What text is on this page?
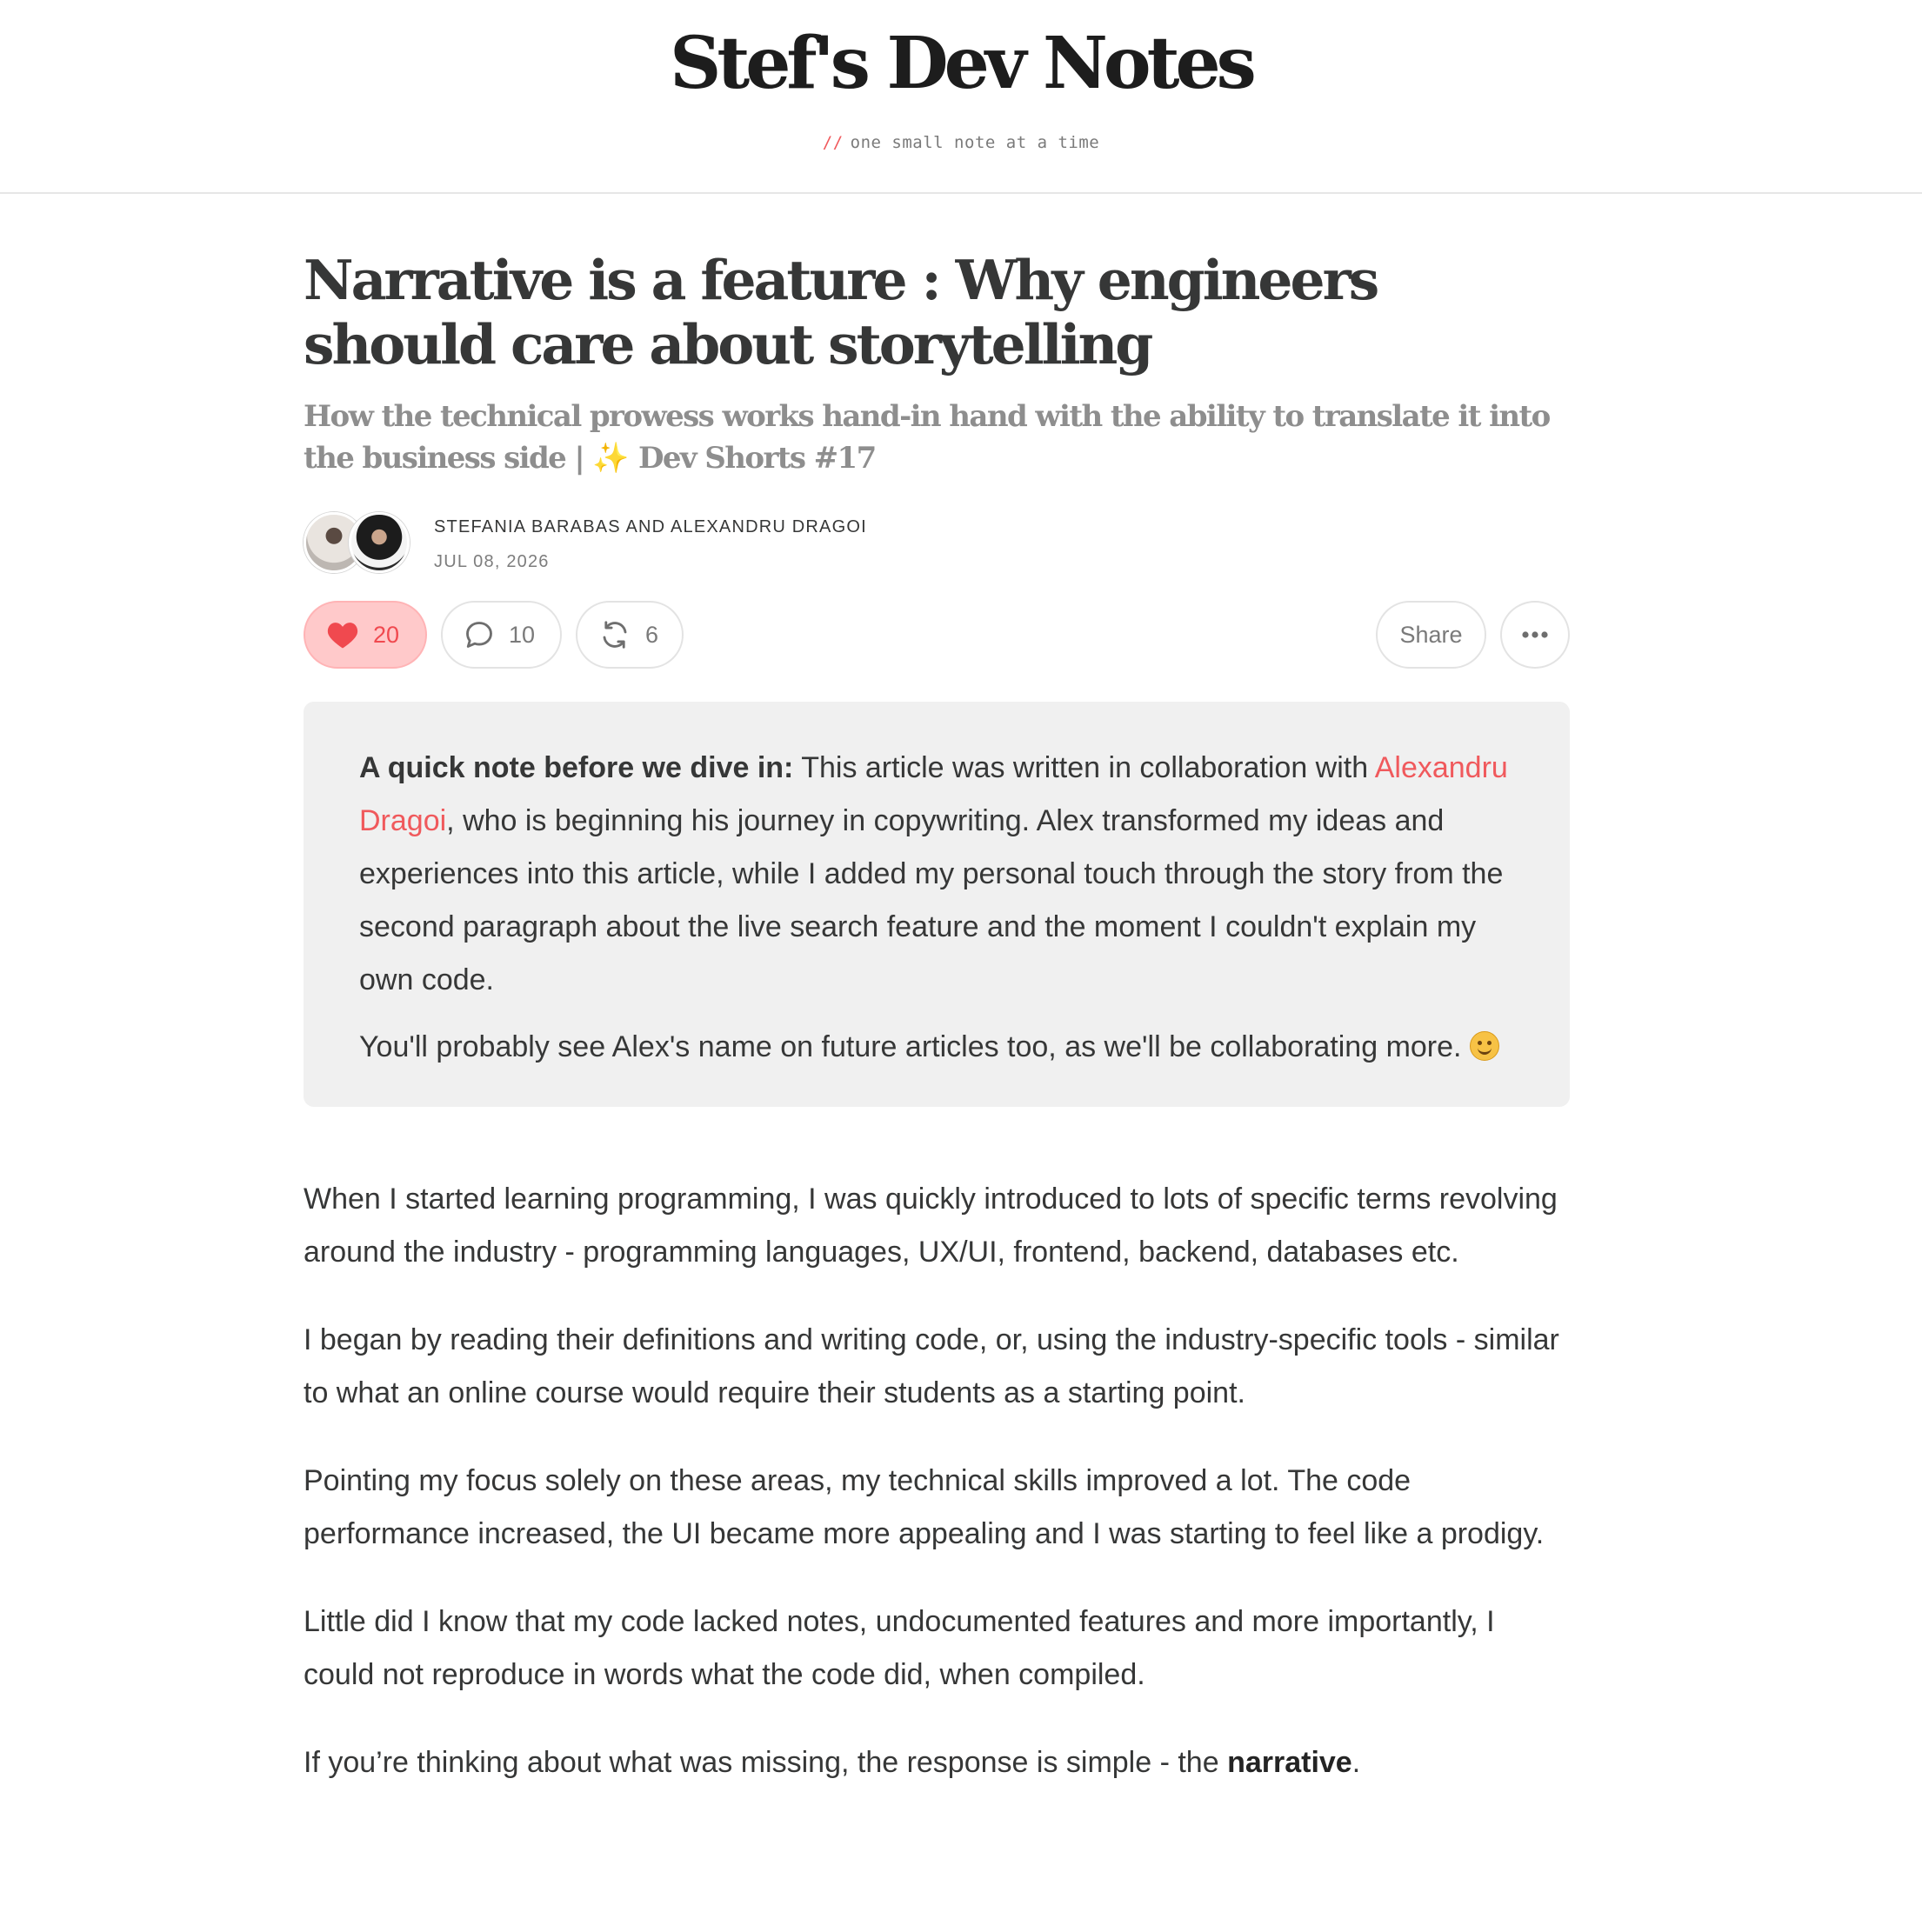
Stef's Dev Notes
// one small note at a time
Narrative is a feature : Why engineers should care about storytelling
How the technical prowess works hand-in hand with the ability to translate it into the business side | ✨ Dev Shorts #17
STEFANIA BARABAS AND ALEXANDRU DRAGOI
JUL 08, 2026
20	10	6	Share

A quick note before we dive in: This article was written in collaboration with Alexandru Dragoi, who is beginning his journey in copywriting. Alex transformed my ideas and experiences into this article, while I added my personal touch through the story from the second paragraph about the live search feature and the moment I couldn't explain my own code.

You'll probably see Alex's name on future articles too, as we'll be collaborating more.

When I started learning programming, I was quickly introduced to lots of specific terms revolving around the industry - programming languages, UX/UI, frontend, backend, databases etc.

I began by reading their definitions and writing code, or, using the industry-specific tools - similar to what an online course would require their students as a starting point.

Pointing my focus solely on these areas, my technical skills improved a lot. The code performance increased, the UI became more appealing and I was starting to feel like a prodigy.

Little did I know that my code lacked notes, undocumented features and more importantly, I could not reproduce in words what the code did, when compiled.

If you’re thinking about what was missing, the response is simple - the narrative.
